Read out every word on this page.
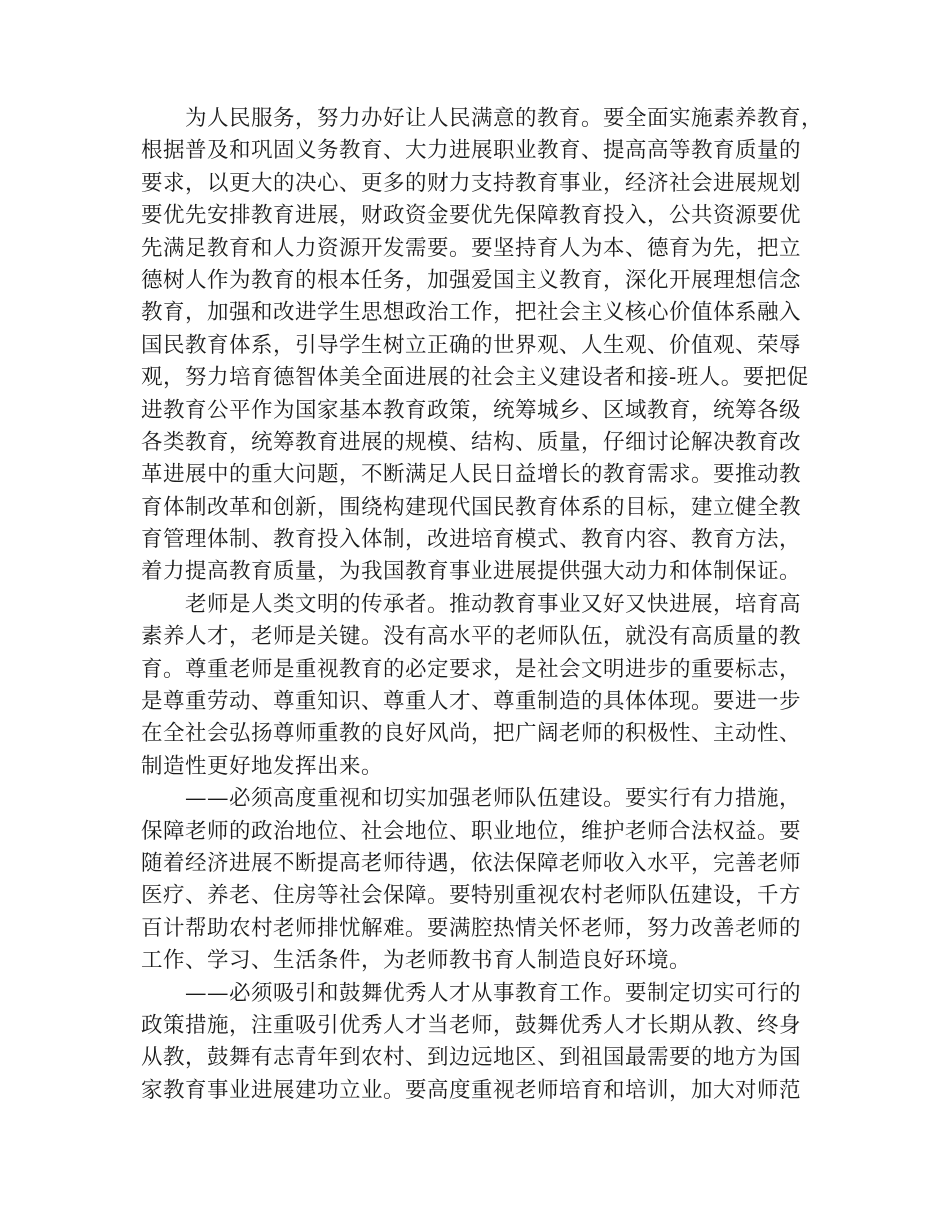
为人民服务，努力办好让人民满意的教育。要全面实施素养教育，
根据普及和巩固义务教育、大力进展职业教育、提高高等教育质量的
要求，以更大的决心、更多的财力支持教育事业，经济社会进展规划
要优先安排教育进展，财政资金要优先保障教育投入，公共资源要优
先满足教育和人力资源开发需要。要坚持育人为本、德育为先，把立
德树人作为教育的根本任务，加强爱国主义教育，深化开展理想信念
教育，加强和改进学生思想政治工作，把社会主义核心价值体系融入
国民教育体系，引导学生树立正确的世界观、人生观、价值观、荣辱
观，努力培育德智体美全面进展的社会主义建设者和接-班人。要把促
进教育公平作为国家基本教育政策，统筹城乡、区域教育，统筹各级
各类教育，统筹教育进展的规模、结构、质量，仔细讨论解决教育改
革进展中的重大问题，不断满足人民日益增长的教育需求。要推动教
育体制改革和创新，围绕构建现代国民教育体系的目标，建立健全教
育管理体制、教育投入体制，改进培育模式、教育内容、教育方法，
着力提高教育质量，为我国教育事业进展提供强大动力和体制保证。
老师是人类文明的传承者。推动教育事业又好又快进展，培育高
素养人才，老师是关键。没有高水平的老师队伍，就没有高质量的教
育。尊重老师是重视教育的必定要求，是社会文明进步的重要标志，
是尊重劳动、尊重知识、尊重人才、尊重制造的具体体现。要进一步
在全社会弘扬尊师重教的良好风尚，把广阔老师的积极性、主动性、
制造性更好地发挥出来。
——必须高度重视和切实加强老师队伍建设。要实行有力措施，
保障老师的政治地位、社会地位、职业地位，维护老师合法权益。要
随着经济进展不断提高老师待遇，依法保障老师收入水平，完善老师
医疗、养老、住房等社会保障。要特别重视农村老师队伍建设，千方
百计帮助农村老师排忧解难。要满腔热情关怀老师，努力改善老师的
工作、学习、生活条件，为老师教书育人制造良好环境。
——必须吸引和鼓舞优秀人才从事教育工作。要制定切实可行的
政策措施，注重吸引优秀人才当老师，鼓舞优秀人才长期从教、终身
从教，鼓舞有志青年到农村、到边远地区、到祖国最需要的地方为国
家教育事业进展建功立业。要高度重视老师培育和培训，加大对师范
